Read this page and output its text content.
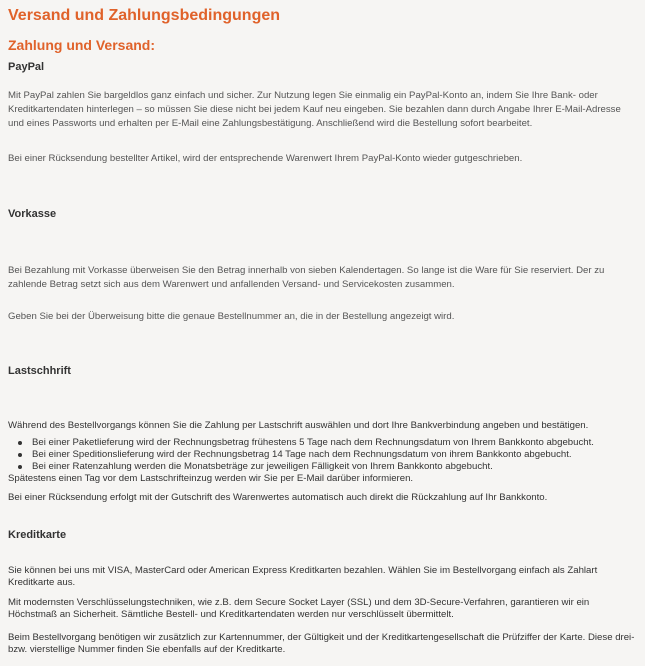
Versand und Zahlungsbedingungen
Zahlung und Versand:
PayPal

Mit PayPal zahlen Sie bargeldlos ganz einfach und sicher. Zur Nutzung legen Sie einmalig ein PayPal-Konto an, indem Sie Ihre Bank- oder Kreditkartendaten hinterlegen – so müssen Sie diese nicht bei jedem Kauf neu eingeben. Sie bezahlen dann durch Angabe Ihrer E-Mail-Adresse und eines Passworts und erhalten per E-Mail eine Zahlungsbestätigung. Anschließend wird die Bestellung sofort bearbeitet.

Bei einer Rücksendung bestellter Artikel, wird der entsprechende Warenwert Ihrem PayPal-Konto wieder gutgeschrieben.

Vorkasse

Bei Bezahlung mit Vorkasse überweisen Sie den Betrag innerhalb von sieben Kalendertagen. So lange ist die Ware für Sie reserviert. Der zu zahlende Betrag setzt sich aus dem Warenwert und anfallenden Versand- und Servicekosten zusammen.

Geben Sie bei der Überweisung bitte die genaue Bestellnummer an, die in der Bestellung angezeigt wird.

Lastschhrift

Während des Bestellvorgangs können Sie die Zahlung per Lastschrift auswählen und dort Ihre Bankverbindung angeben und bestätigen.

Bei einer Paketlieferung wird der Rechnungsbetrag frühestens 5 Tage nach dem Rechnungsdatum von Ihrem Bankkonto abgebucht.
Bei einer Speditionslieferung wird der Rechnungsbetrag 14 Tage nach dem Rechnungsdatum von ihrem Bankkonto abgebucht.
Bei einer Ratenzahlung werden die Monatsbeträge zur jeweiligen Fälligkeit von Ihrem Bankkonto abgebucht.

Spätestens einen Tag vor dem Lastschrifteinzug werden wir Sie per E-Mail darüber informieren.

Bei einer Rücksendung erfolgt mit der Gutschrift des Warenwertes automatisch auch direkt die Rückzahlung auf Ihr Bankkonto.

Kreditkarte

Sie können bei uns mit VISA, MasterCard oder American Express Kreditkarten bezahlen. Wählen Sie im Bestellvorgang einfach als Zahlart Kreditkarte aus.

Mit modernsten Verschlüsselungstechniken, wie z.B. dem Secure Socket Layer (SSL) und dem 3D-Secure-Verfahren, garantieren wir ein Höchstmaß an Sicherheit. Sämtliche Bestell- und Kreditkartendaten werden nur verschlüsselt übermittelt.

Beim Bestellvorgang benötigen wir zusätzlich zur Kartennummer, der Gültigkeit und der Kreditkartengesellschaft die Prüfziffer der Karte. Diese drei- bzw. vierstellige Nummer finden Sie ebenfalls auf der Kreditkarte.
